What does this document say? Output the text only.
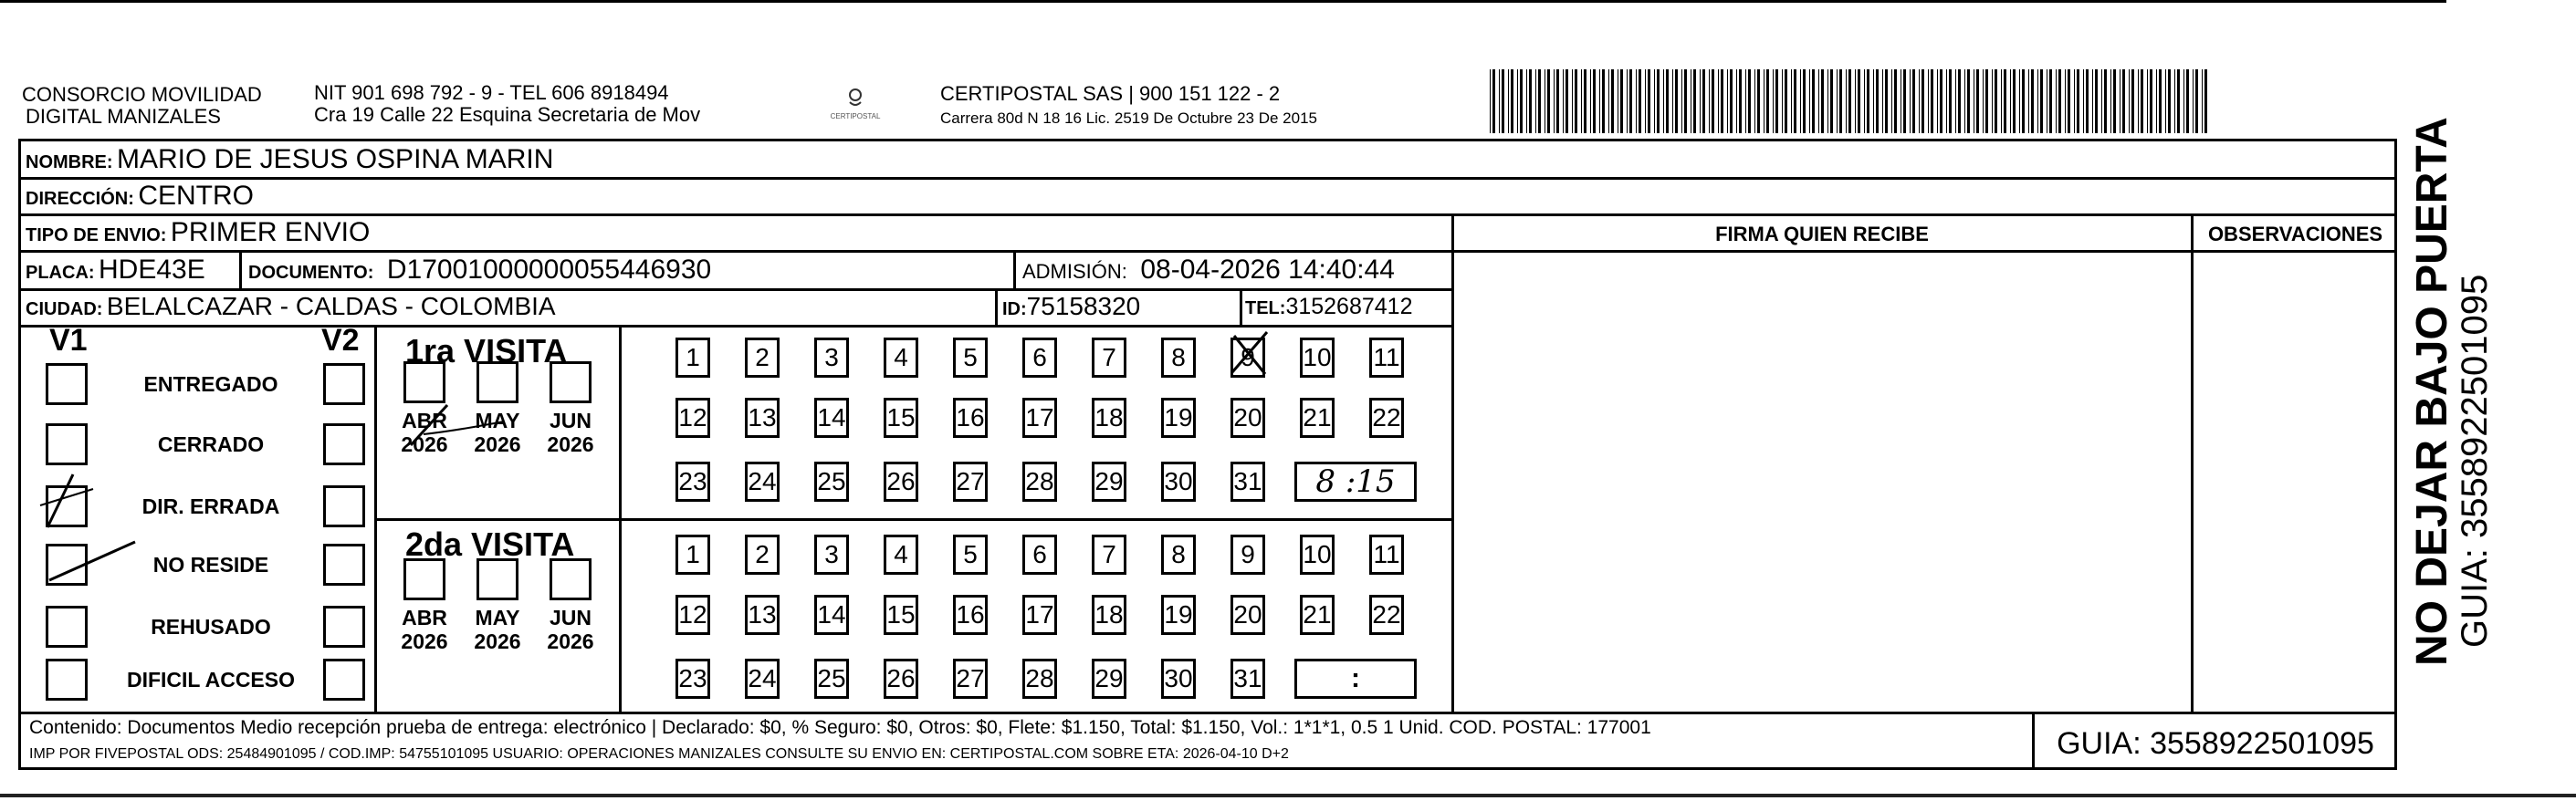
CONSORCIO MOVILIDAD
DIGITAL MANIZALES
NIT 901 698 792 - 9 - TEL 606 8918494
Cra 19 Calle 22 Esquina Secretaria de Mov	CERTIPOSTAL
CERTIPOSTAL SAS | 900 151 122 - 2
Carrera 80d N 18 16 Lic. 2519 De Octubre 23 De 2015
NOMBRE: MARIO DE JESUS OSPINA MARIN
DIRECCIÓN: CENTRO
TIPO DE ENVIO: PRIMER ENVIO	FIRMA QUIEN RECIBE	OBSERVACIONES
PLACA: HDE43E DOCUMENTO: D17001000000055446930	ADMISIÓN: 08-04-2026 14:40:44
CIUDAD: BELALCAZAR - CALDAS - COLOMBIA	ID:75158320	TEL:3152687412
V1	V2
ENTREGADO
CERRADO
DIR. ERRADA
NO RESIDE
REHUSADO
DIFICIL ACCESO
1ra VISITA
2da VISITA
1	2	3	4	5	6	7	8	9	10 11
12 13 14 15 16 17 18 19 20 21 22
23 24 25 26 27 28 29 30 31
ABR
2026
MAY
2026
JUN
2026
8 :15
1	2	3	4	5	6	7	8	9	10 11
12 13 14 15 16 17 18 19 20 21 22
23 24 25 26 27 28 29 30 31
ABR
2026
MAY
2026
JUN
2026
:
Contenido: Documentos Medio recepción prueba de entrega: electrónico | Declarado: $0, % Seguro: $0, Otros: $0, Flete: $1.150, Total: $1.150, Vol.: 1*1*1, 0.5 1 Unid. COD. POSTAL: 177001
IMP POR FIVEPOSTAL ODS: 25484901095 / COD.IMP: 54755101095 USUARIO: OPERACIONES MANIZALES CONSULTE SU ENVIO EN: CERTIPOSTAL.COM SOBRE ETA: 2026-04-10 D+2	GUIA: 3558922501095
NO DEJAR BAJO PUERTA
GUIA: 3558922501095
